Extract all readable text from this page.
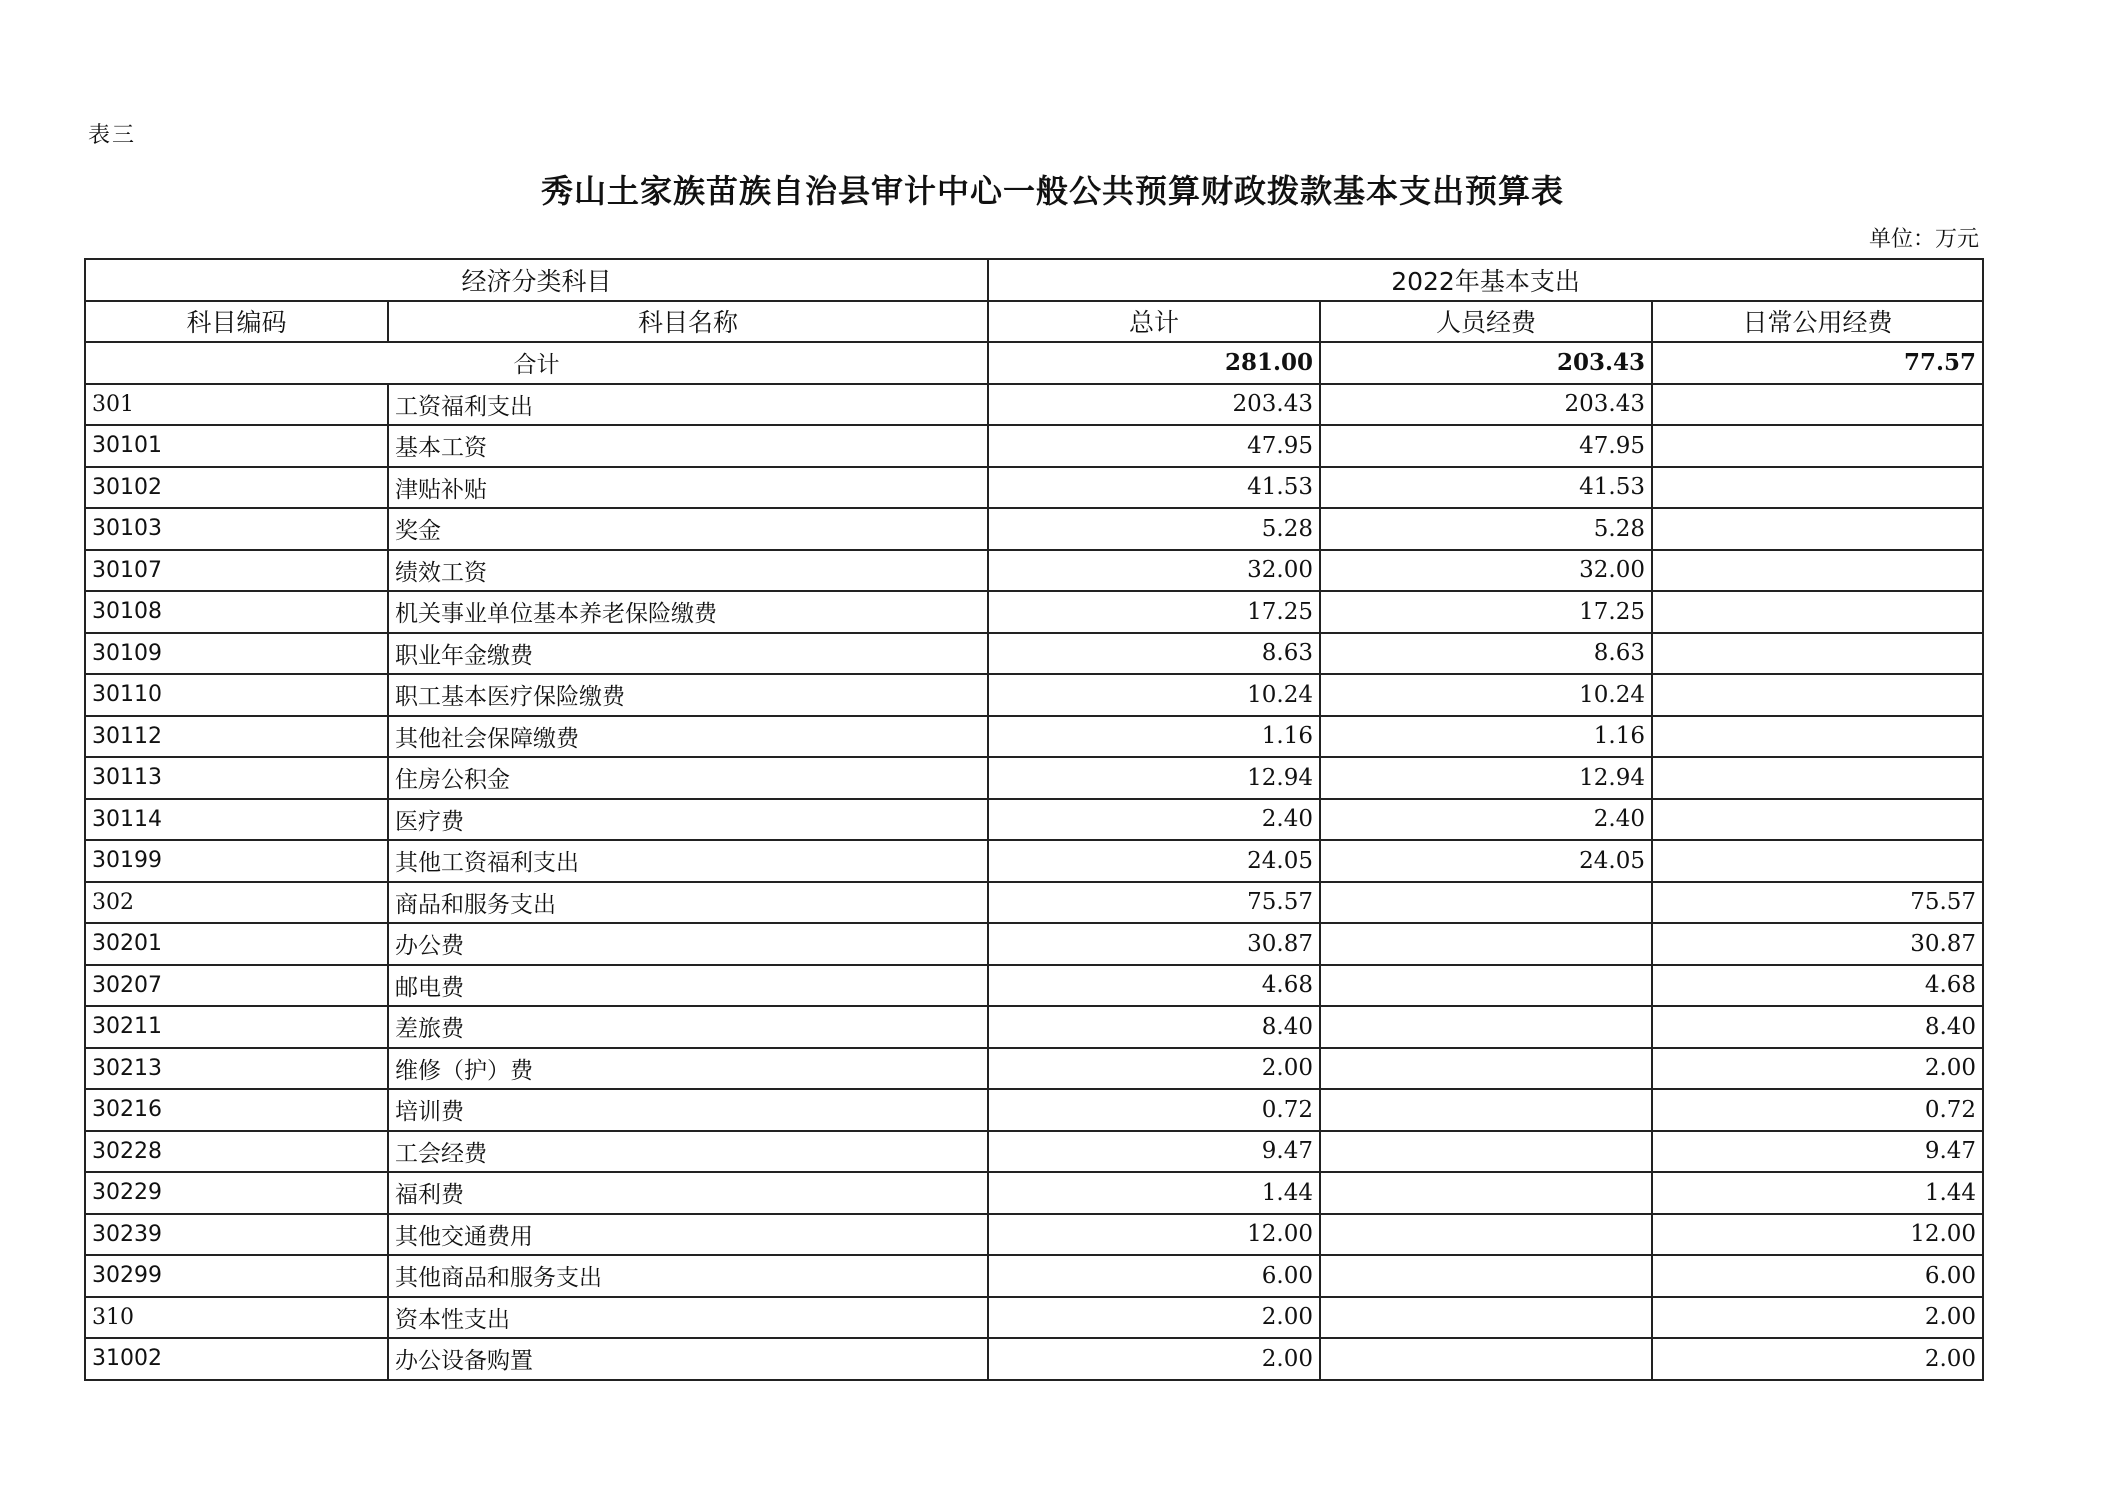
表三
秀山土家族苗族自治县审计中心一般公共预算财政拨款基本支出预算表
单位：万元
经济分类科目		2022年基本支出		
科目编码	科目名称	总计	人员经费	日常公用经费
合计		281.00	203.43	77.57
301	工资福利支出	203.43	203.43	
30101	基本工资	47.95	47.95	
30102	津贴补贴	41.53	41.53	
30103	奖金	5.28	5.28	
30107	绩效工资	32.00	32.00	
30108	机关事业单位基本养老保险缴费	17.25	17.25	
30109	职业年金缴费	8.63	8.63	
30110	职工基本医疗保险缴费	10.24	10.24	
30112	其他社会保障缴费	1.16	1.16	
30113	住房公积金	12.94	12.94	
30114	医疗费	2.40	2.40	
30199	其他工资福利支出	24.05	24.05	
302	商品和服务支出	75.57		75.57
30201	办公费	30.87		30.87
30207	邮电费	4.68		4.68
30211	差旅费	8.40		8.40
30213	维修（护）费	2.00		2.00
30216	培训费	0.72		0.72
30228	工会经费	9.47		9.47
30229	福利费	1.44		1.44
30239	其他交通费用	12.00		12.00
30299	其他商品和服务支出	6.00		6.00
310	资本性支出	2.00		2.00
31002	办公设备购置	2.00		2.00
